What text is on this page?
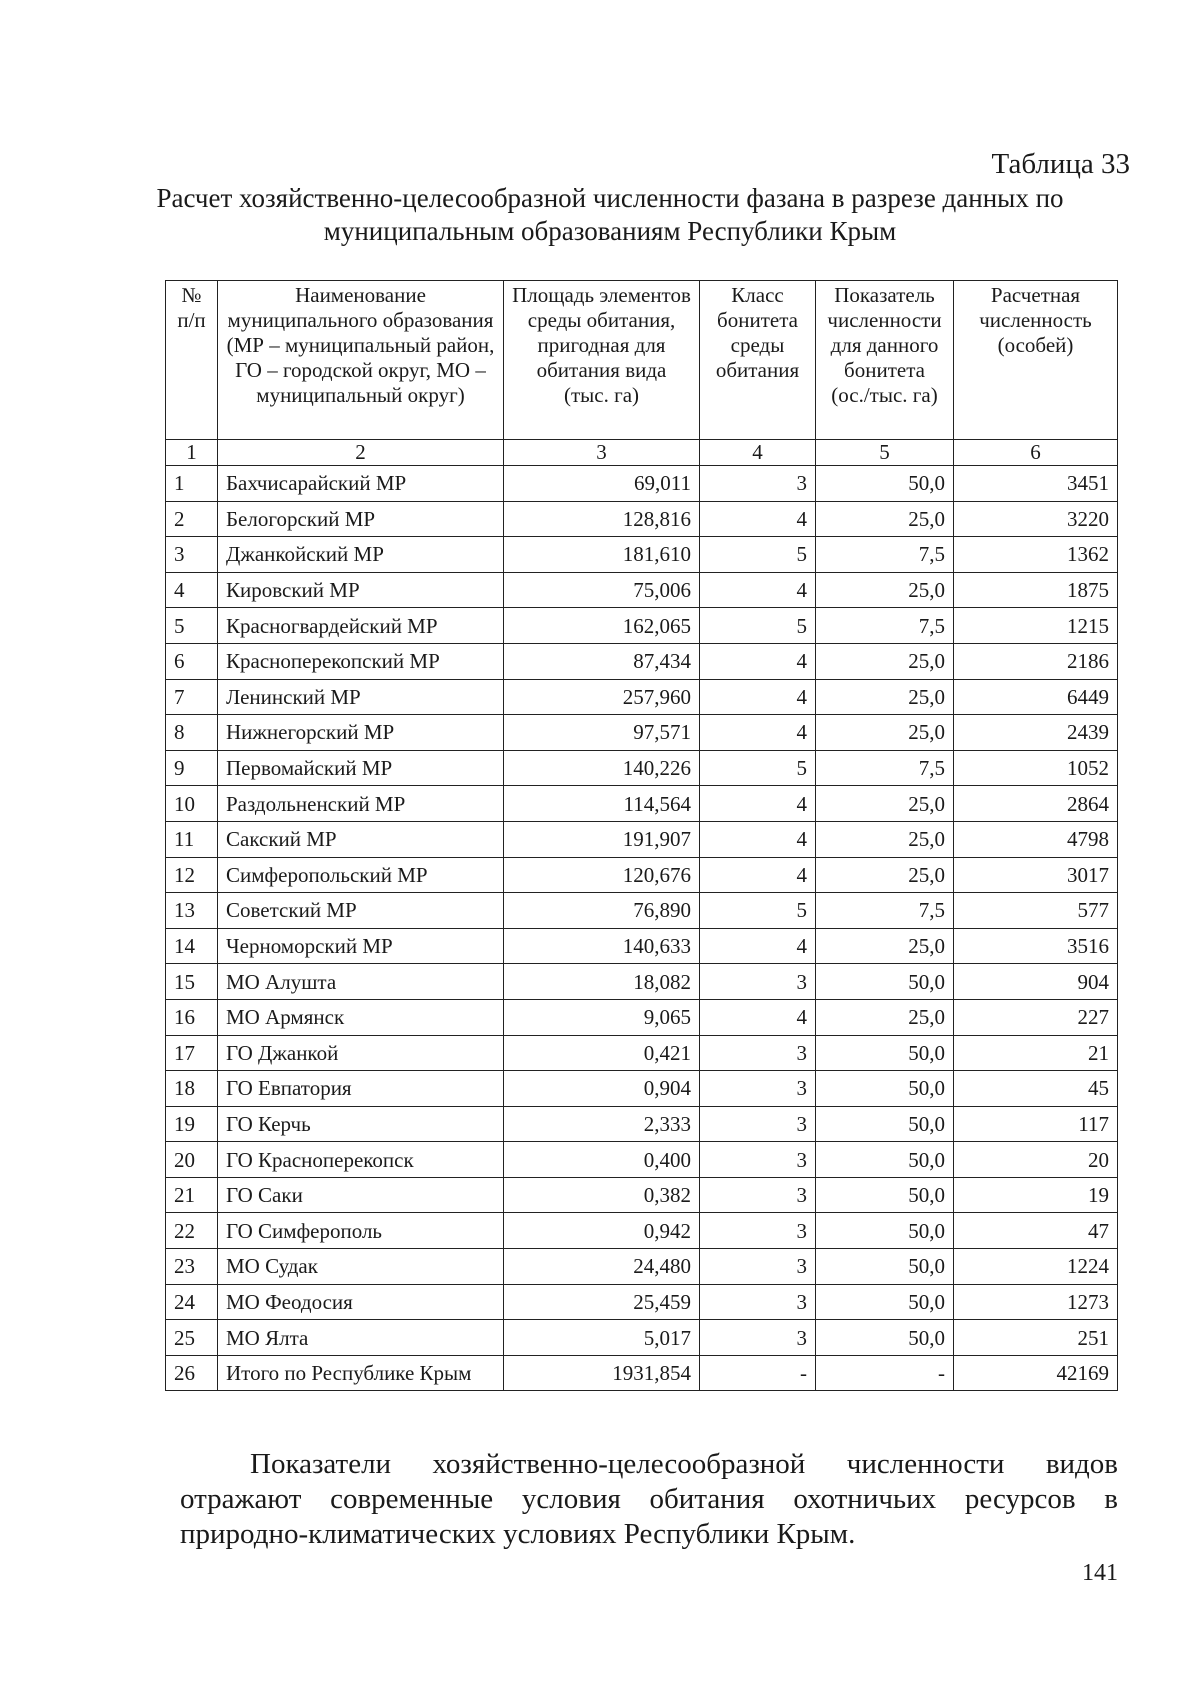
Таблица 33
Расчет хозяйственно-целесообразной численности фазана в разрезе данных по муниципальным образованиям Республики Крым
№ п/п	Наименование муниципального образования (МР – муниципальный район, ГО – городской округ, МО – муниципальный округ)	Площадь элементов среды обитания, пригодная для обитания вида (тыс. га)	Класс бонитета среды обитания	Показатель численности для данного бонитета (ос./тыс. га)	Расчетная численность (особей)
1	2	3	4	5	6
1	Бахчисарайский МР	69,011	3	50,0	3451
2	Белогорский МР	128,816	4	25,0	3220
3	Джанкойский МР	181,610	5	7,5	1362
4	Кировский МР	75,006	4	25,0	1875
5	Красногвардейский МР	162,065	5	7,5	1215
6	Красноперекопский МР	87,434	4	25,0	2186
7	Ленинский МР	257,960	4	25,0	6449
8	Нижнегорский МР	97,571	4	25,0	2439
9	Первомайский МР	140,226	5	7,5	1052
10	Раздольненский МР	114,564	4	25,0	2864
11	Сакский МР	191,907	4	25,0	4798
12	Симферопольский МР	120,676	4	25,0	3017
13	Советский МР	76,890	5	7,5	577
14	Черноморский МР	140,633	4	25,0	3516
15	МО Алушта	18,082	3	50,0	904
16	МО Армянск	9,065	4	25,0	227
17	ГО Джанкой	0,421	3	50,0	21
18	ГО Евпатория	0,904	3	50,0	45
19	ГО Керчь	2,333	3	50,0	117
20	ГО Красноперекопск	0,400	3	50,0	20
21	ГО Саки	0,382	3	50,0	19
22	ГО Симферополь	0,942	3	50,0	47
23	МО Судак	24,480	3	50,0	1224
24	МО Феодосия	25,459	3	50,0	1273
25	МО Ялта	5,017	3	50,0	251
26	Итого по Республике Крым	1931,854	-	-	42169
Показатели хозяйственно-целесообразной численности видов отражают современные условия обитания охотничьих ресурсов в природно-климатических условиях Республики Крым.
141
